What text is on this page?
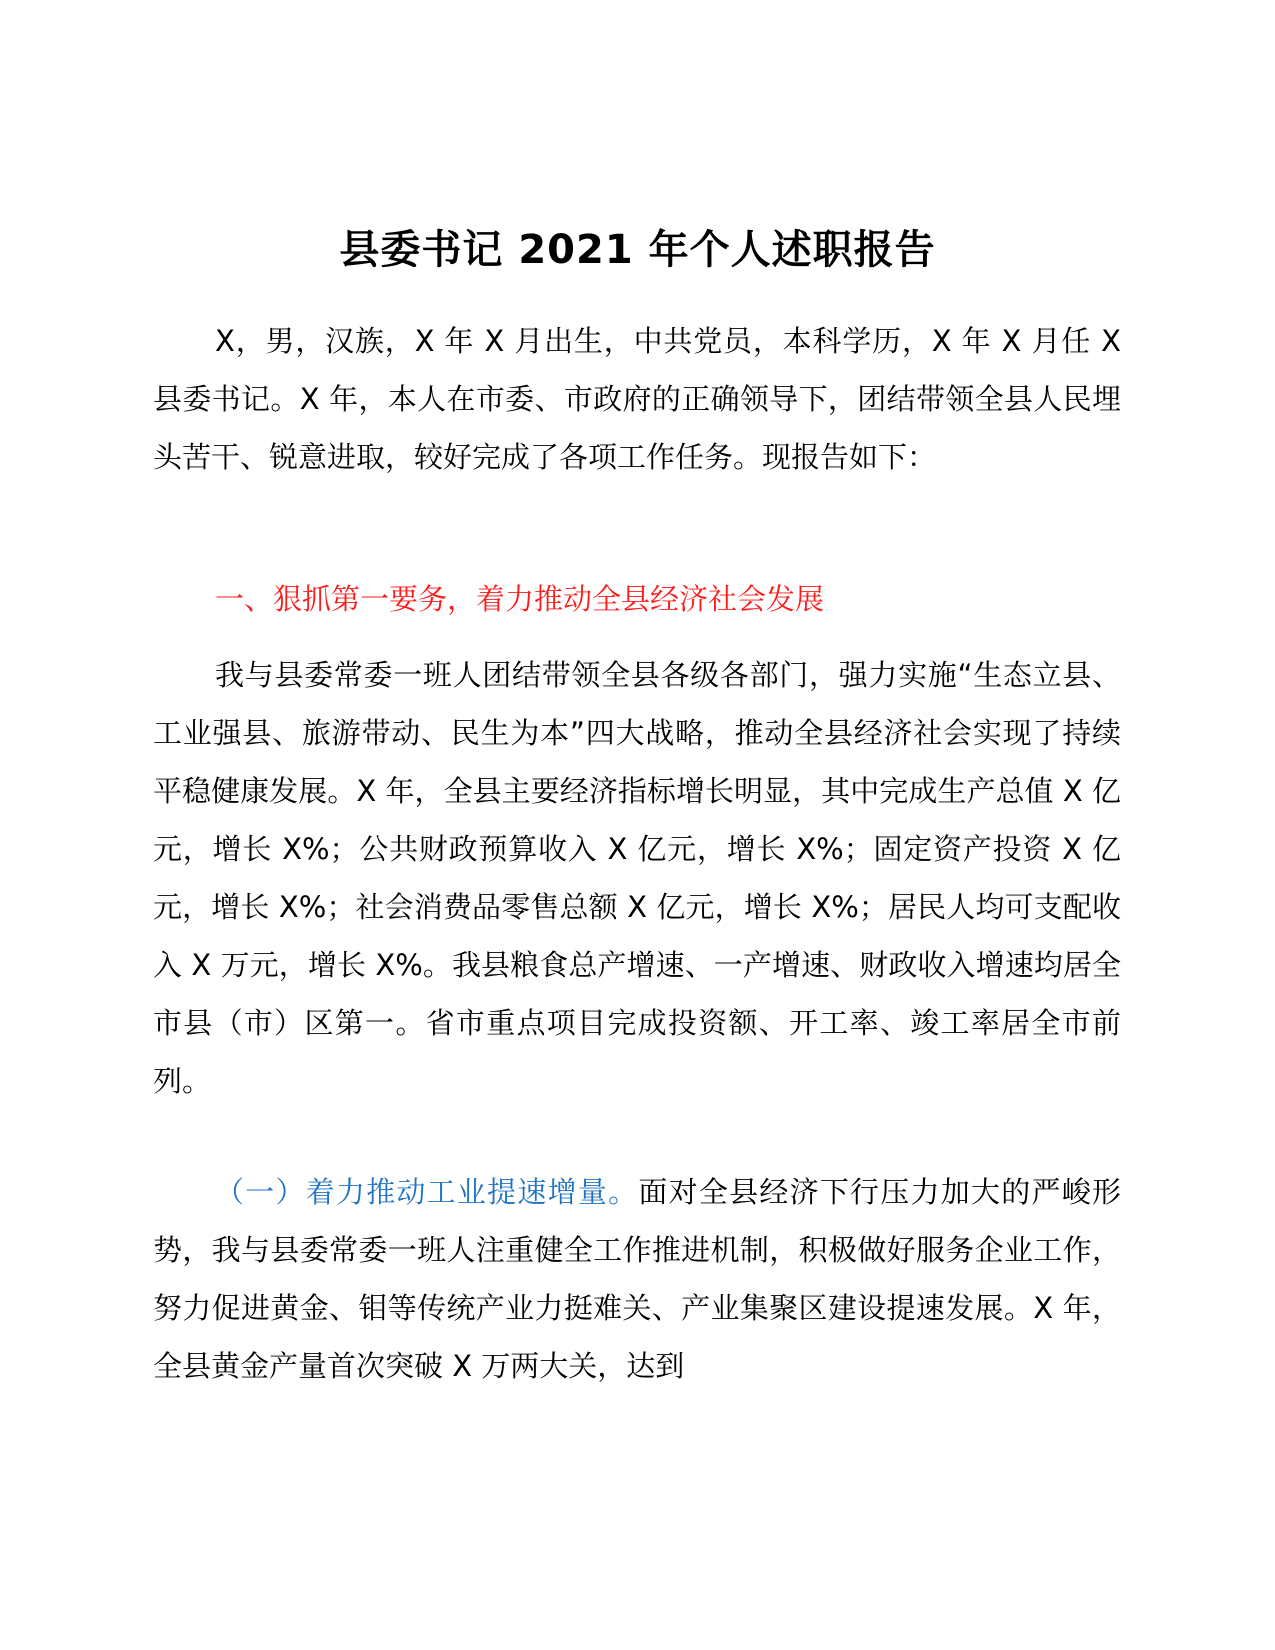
县委书记 2021 年个人述职报告

X，男，汉族，X 年 X 月出生，中共党员，本科学历，X 年 X 月任 X 县委书记。X 年，本人在市委、市政府的正确领导下，团结带领全县人民埋头苦干、锐意进取，较好完成了各项工作任务。现报告如下：

一、狠抓第一要务，着力推动全县经济社会发展

我与县委常委一班人团结带领全县各级各部门，强力实施“生态立县、工业强县、旅游带动、民生为本”四大战略，推动全县经济社会实现了持续平稳健康发展。X 年，全县主要经济指标增长明显，其中完成生产总值 X 亿元，增长 X%；公共财政预算收入 X 亿元，增长 X%；固定资产投资 X 亿元，增长 X%；社会消费品零售总额 X 亿元，增长 X%；居民人均可支配收入 X 万元，增长 X%。我县粮食总产增速、一产增速、财政收入增速均居全市县（市）区第一。省市重点项目完成投资额、开工率、竣工率居全市前列。

（一）着力推动工业提速增量。面对全县经济下行压力加大的严峻形势，我与县委常委一班人注重健全工作推进机制，积极做好服务企业工作，努力促进黄金、钼等传统产业力挺难关、产业集聚区建设提速发展。X 年，全县黄金产量首次突破 X 万两大关，达到
